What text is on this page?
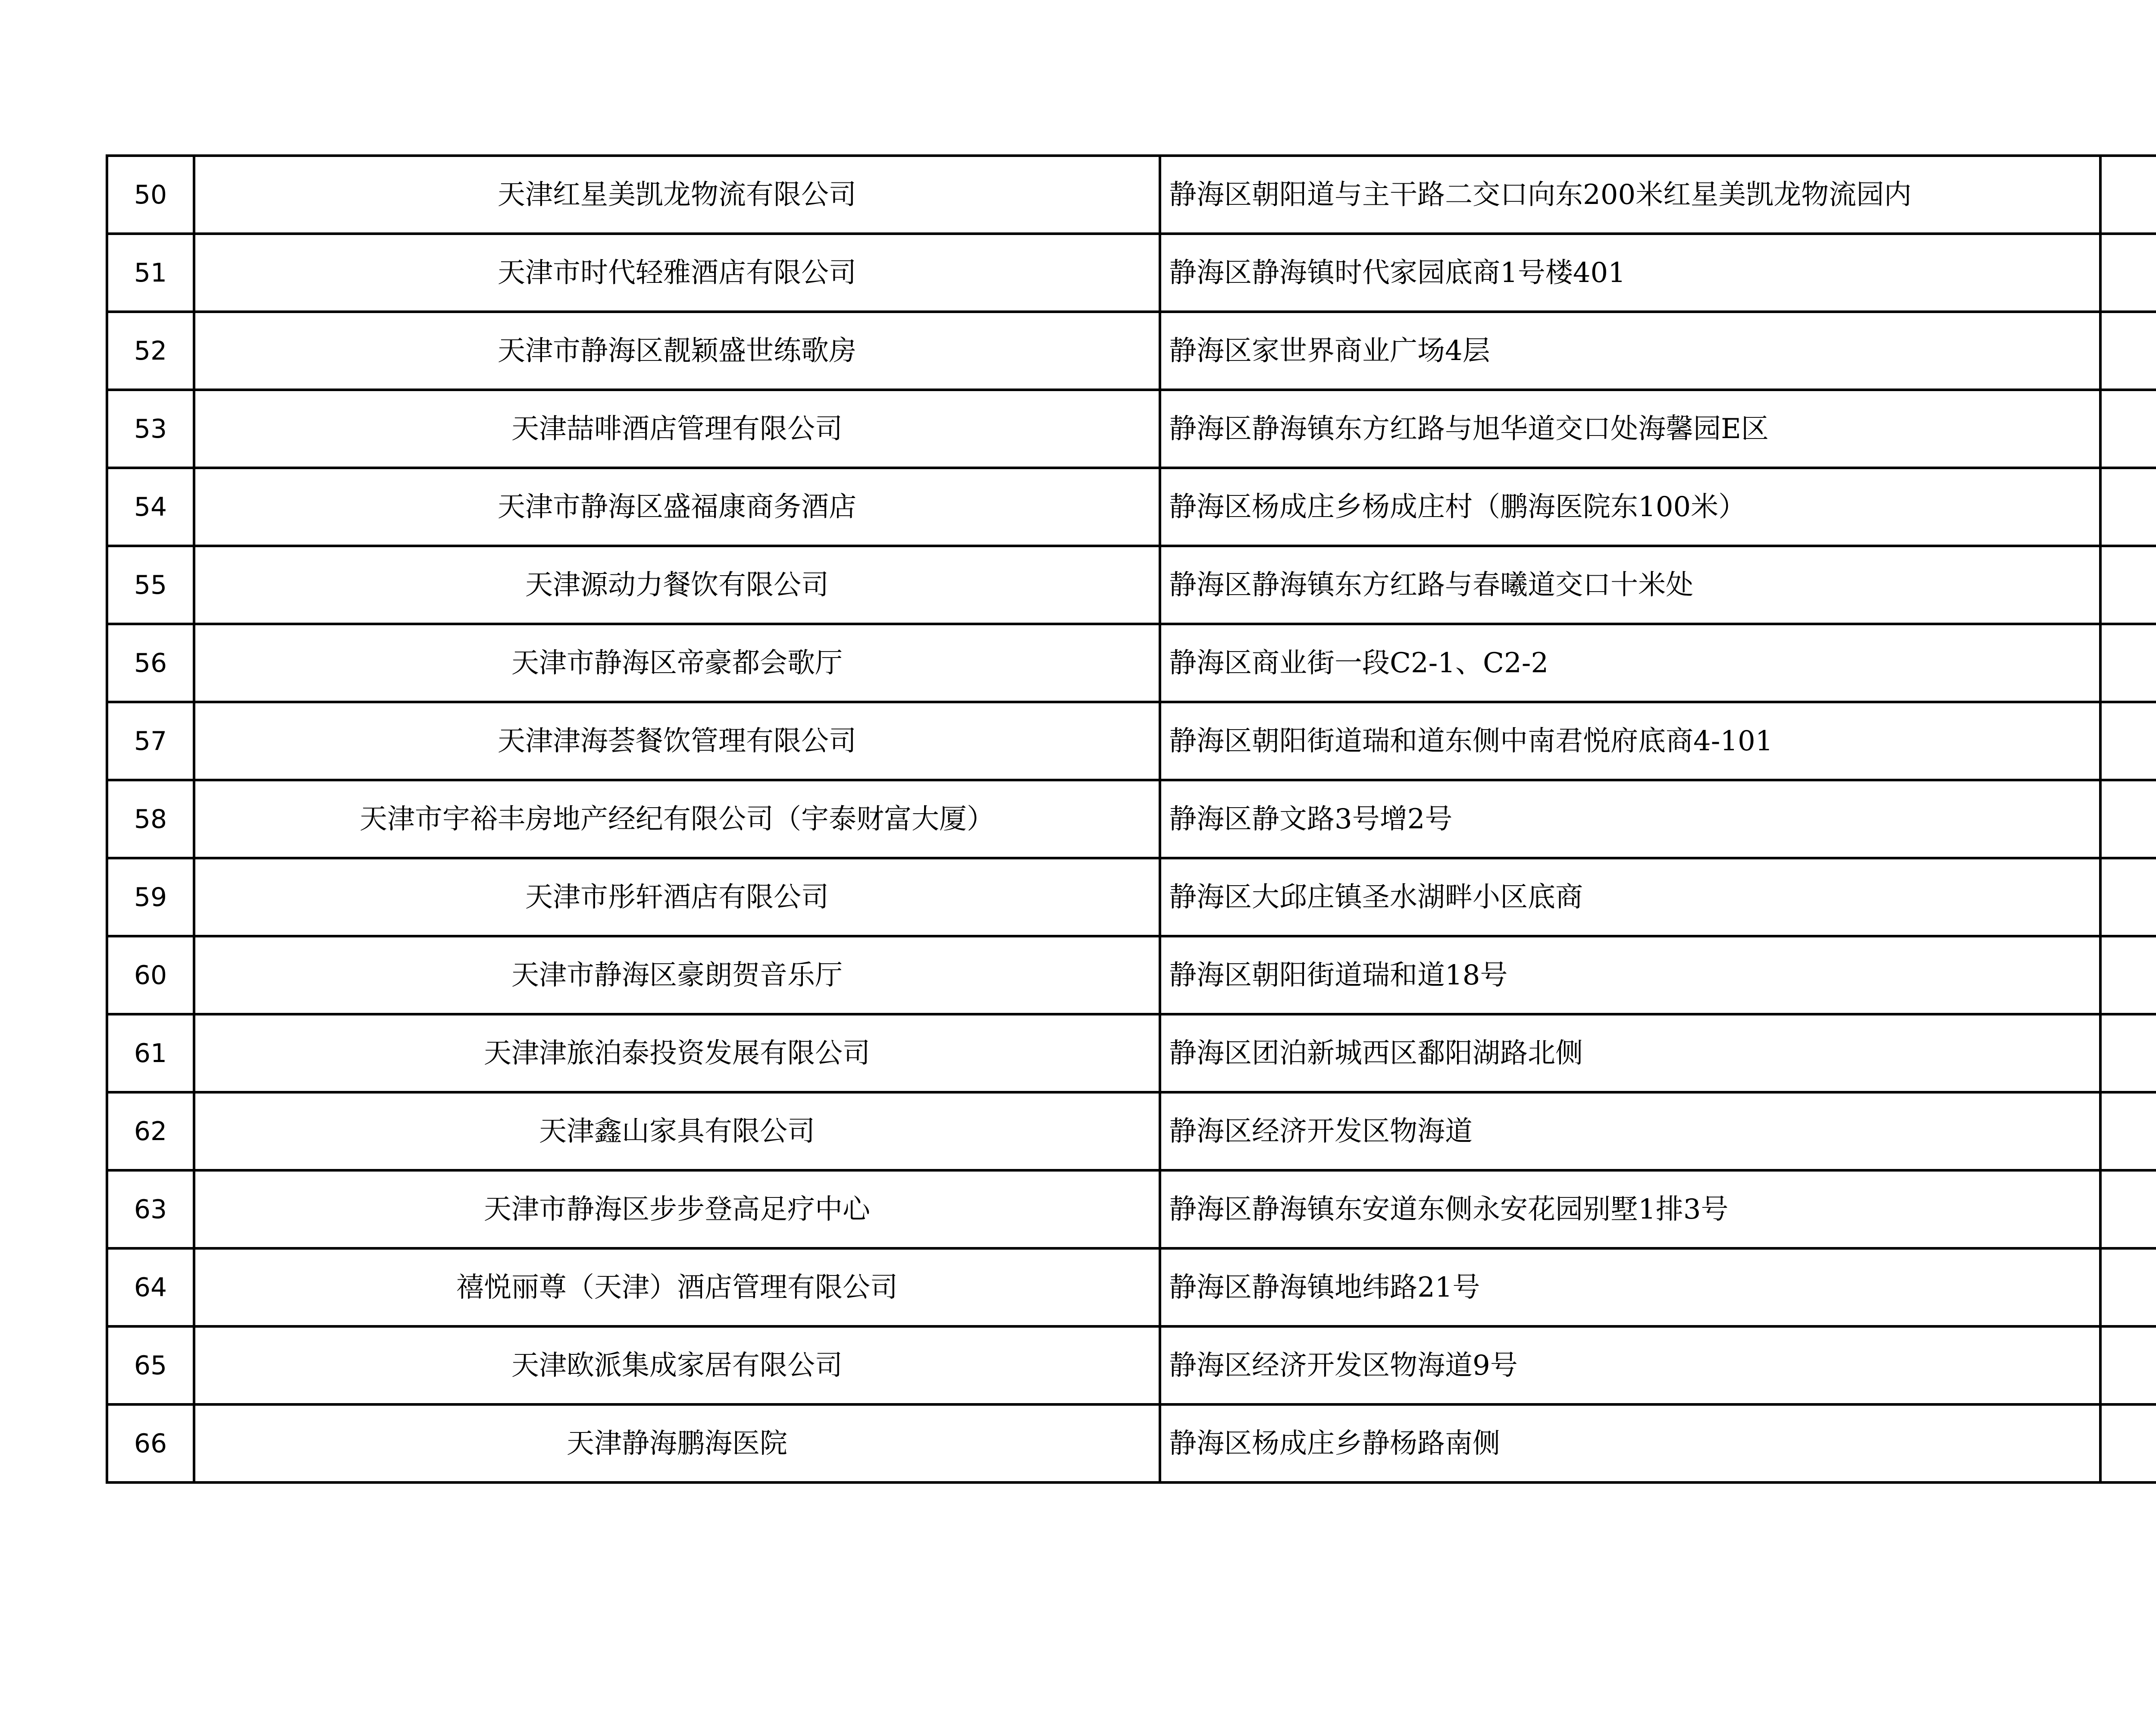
50	天津红星美凯龙物流有限公司	静海区朝阳道与主干路二交口向东200米红星美凯龙物流园内	
51	天津市时代轻雅酒店有限公司	静海区静海镇时代家园底商1号楼401	
52	天津市静海区靓颖盛世练歌房	静海区家世界商业广场4层	
53	天津喆啡酒店管理有限公司	静海区静海镇东方红路与旭华道交口处海馨园E区	
54	天津市静海区盛福康商务酒店	静海区杨成庄乡杨成庄村（鹏海医院东100米）	
55	天津源动力餐饮有限公司	静海区静海镇东方红路与春曦道交口十米处	
56	天津市静海区帝豪都会歌厅	静海区商业街一段C2-1、C2-2	
57	天津津海荟餐饮管理有限公司	静海区朝阳街道瑞和道东侧中南君悦府底商4-101	
58	天津市宇裕丰房地产经纪有限公司（宇泰财富大厦）	静海区静文路3号增2号	
59	天津市彤轩酒店有限公司	静海区大邱庄镇圣水湖畔小区底商	
60	天津市静海区豪朗贺音乐厅	静海区朝阳街道瑞和道18号	
61	天津津旅泊泰投资发展有限公司	静海区团泊新城西区鄱阳湖路北侧	
62	天津鑫山家具有限公司	静海区经济开发区物海道	
63	天津市静海区步步登高足疗中心	静海区静海镇东安道东侧永安花园别墅1排3号	
64	禧悦丽尊（天津）酒店管理有限公司	静海区静海镇地纬路21号	
65	天津欧派集成家居有限公司	静海区经济开发区物海道9号	
66	天津静海鹏海医院	静海区杨成庄乡静杨路南侧	
